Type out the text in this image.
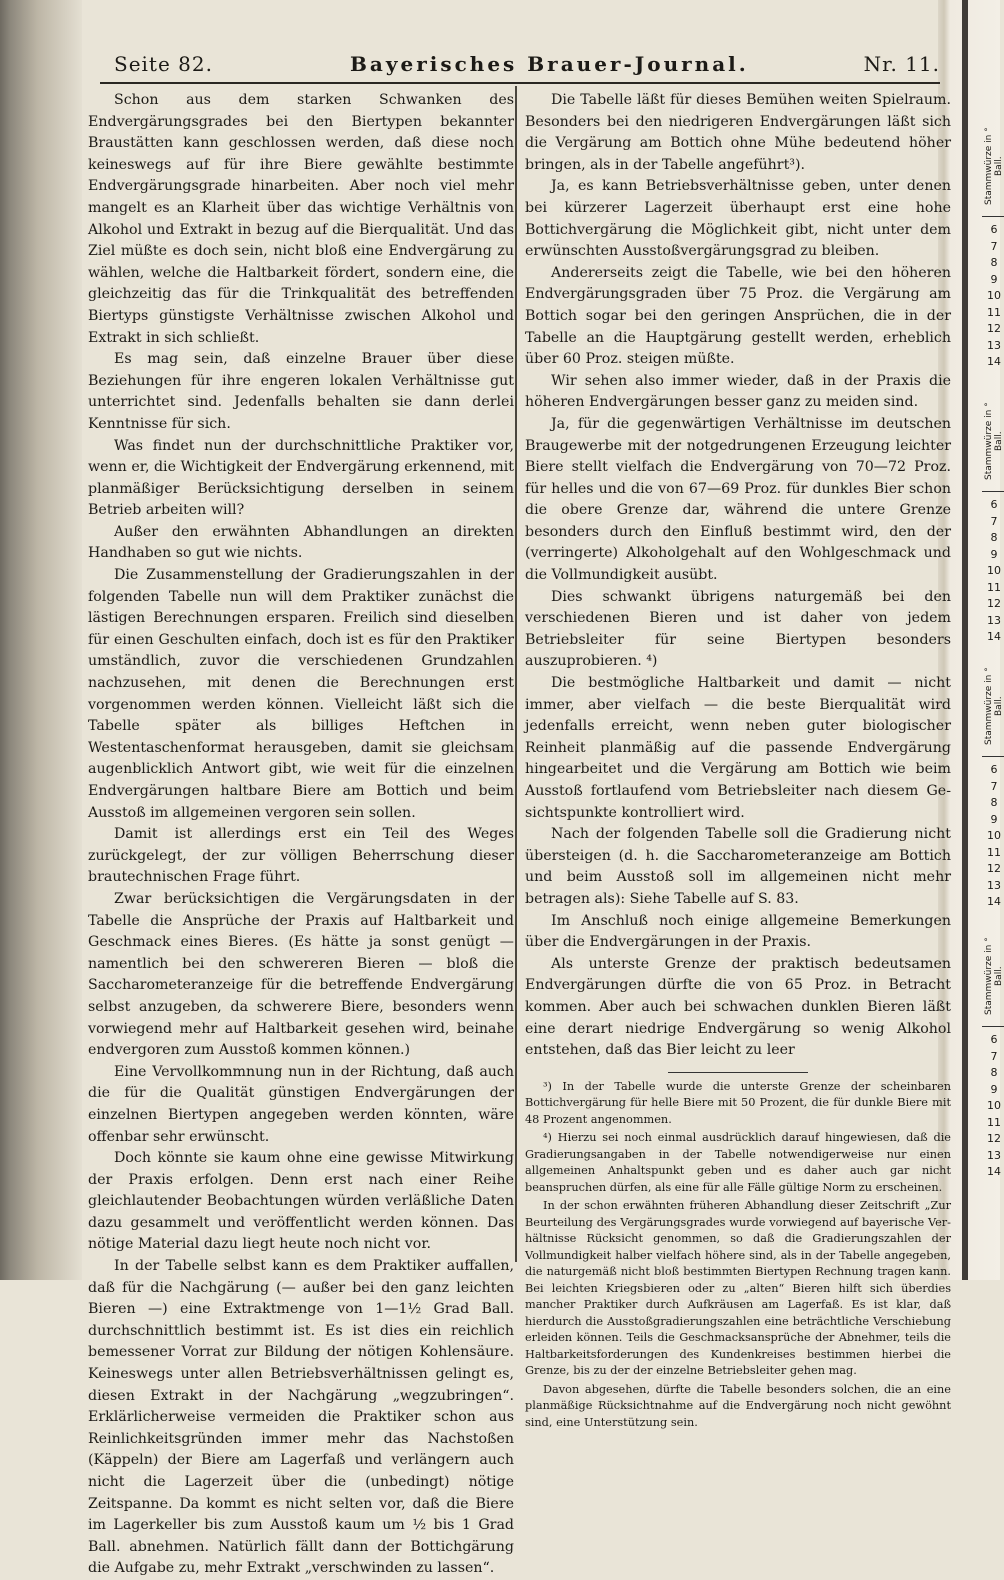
Seite 82.	Bayerisches Brauer-Journal.	Nr. 11.

Schon aus dem starken Schwanken des Endvergärungsgrades bei den Biertypen bekannter Braustätten kann geschlossen werden, daß diese noch keineswegs auf für ihre Biere gewählte bestimmte Endvergärungsgrade hinarbeiten. Aber noch viel mehr mangelt es an Klarheit über das wichtige Verhältnis von Alkohol und Extrakt in bezug auf die Bierqualität. Und das Ziel müßte es doch sein, nicht bloß eine Endvergärung zu wählen, welche die Haltbarkeit fördert, sondern eine, die gleichzeitig das für die Trinkqualität des betreffenden Biertyps günstigste Verhältnisse zwischen Alkohol und Extrakt in sich schließt.

Es mag sein, daß einzelne Brauer über diese Beziehungen für ihre engeren lokalen Verhältnisse gut unterrichtet sind. Jedenfalls behalten sie dann derlei Kenntnisse für sich.

Was findet nun der durchschnittliche Praktiker vor, wenn er, die Wichtigkeit der Endvergärung erkennend, mit planmäßiger Berücksichtigung derselben in seinem Betrieb arbeiten will?

Außer den erwähnten Abhandlungen an direkten Handhaben so gut wie nichts.

Die Zusammenstellung der Gradierungszahlen in der folgenden Tabelle nun will dem Praktiker zunächst die lästigen Berechnungen ersparen. Freilich sind dieselben für einen Geschulten einfach, doch ist es für den Praktiker umständlich, zuvor die verschiedenen Grundzahlen nachzusehen, mit denen die Berechnungen erst vorgenommen werden können. Vielleicht läßt sich die Tabelle später als billiges Heftchen in Westentaschenformat herausgeben, damit sie gleichsam augenblicklich Antwort gibt, wie weit für die einzelnen Endvergärungen haltbare Biere am Bottich und beim Ausstoß im allgemeinen vergoren sein sollen.

Damit ist allerdings erst ein Teil des Weges zurückgelegt, der zur völligen Beherrschung dieser brautechnischen Frage führt.

Zwar berücksichtigen die Vergärungsdaten in der Tabelle die Ansprüche der Praxis auf Haltbarkeit und Geschmack eines Bieres. (Es hätte ja sonst genügt — namentlich bei den schwereren Bieren — bloß die Saccharometeranzeige für die betreffende Endvergärung selbst anzugeben, da schwerere Biere, besonders wenn vorwiegend mehr auf Haltbarkeit gesehen wird, beinahe endvergoren zum Ausstoß kommen können.)

Eine Vervollkommnung nun in der Richtung, daß auch die für die Qualität günstigen Endvergärungen der einzelnen Biertypen angegeben werden könnten, wäre offenbar sehr erwünscht.

Doch könnte sie kaum ohne eine gewisse Mitwirkung der Praxis erfolgen. Denn erst nach einer Reihe gleichlautender Beobachtungen würden verläßliche Daten dazu gesammelt und veröffentlicht werden können. Das nötige Material dazu liegt heute noch nicht vor.

In der Tabelle selbst kann es dem Praktiker auffallen, daß für die Nachgärung (— außer bei den ganz leichten Bieren —) eine Extraktmenge von 1—1½ Grad Ball. durchschnittlich bestimmt ist. Es ist dies ein reichlich bemessener Vorrat zur Bildung der nötigen Kohlensäure. Keineswegs unter allen Betriebsverhältnissen gelingt es, diesen Extrakt in der Nachgärung „wegzubringen“. Erklärlicherweise vermeiden die Praktiker schon aus Reinlichkeitsgründen immer mehr das Nachstoßen (Käppeln) der Biere am Lagerfaß und verlängern auch nicht die Lagerzeit über die (unbedingt) nötige Zeitspanne. Da kommt es nicht selten vor, daß die Biere im Lagerkeller bis zum Ausstoß kaum um ½ bis 1 Grad Ball. abnehmen. Natürlich fällt dann der Bottichgärung die Aufgabe zu, mehr Extrakt „verschwinden zu lassen“.

Die Tabelle läßt für dieses Bemühen weiten Spielraum. Besonders bei den niedrigeren Endvergärungen läßt sich die Vergärung am Bottich ohne Mühe bedeutend höher bringen, als in der Tabelle angeführt³).

Ja, es kann Betriebsverhältnisse geben, unter denen bei kürzerer Lagerzeit überhaupt erst eine hohe Bottichvergärung die Möglichkeit gibt, nicht unter dem erwünschten Ausstoßvergärungsgrad zu bleiben.

Andererseits zeigt die Tabelle, wie bei den höheren Endvergärungsgraden über 75 Proz. die Vergärung am Bottich sogar bei den geringen Ansprüchen, die in der Tabelle an die Hauptgärung gestellt werden, erheblich über 60 Proz. steigen müßte.

Wir sehen also immer wieder, daß in der Praxis die höheren Endvergärungen besser ganz zu meiden sind.

Ja, für die gegenwärtigen Verhältnisse im deutschen Braugewerbe mit der notgedrungenen Erzeugung leichter Biere stellt vielfach die Endvergärung von 70—72 Proz. für helles und die von 67—69 Proz. für dunkles Bier schon die obere Grenze dar, während die untere Grenze besonders durch den Einfluß bestimmt wird, den der (verringerte) Alkoholgehalt auf den Wohlgeschmack und die Vollmundigkeit ausübt.

Dies schwankt übrigens naturgemäß bei den verschiedenen Bieren und ist daher von jedem Betriebsleiter für seine Biertypen besonders auszuprobieren. ⁴)

Die bestmögliche Haltbarkeit und damit — nicht immer, aber vielfach — die beste Bierqualität wird jedenfalls erreicht, wenn neben guter biologischer Reinheit planmäßig auf die passende Endvergärung hingearbeitet und die Vergärung am Bottich wie beim Ausstoß fortlaufend vom Betriebsleiter nach diesem Gesichtspunkte kontrolliert wird.

Nach der folgenden Tabelle soll die Gradierung nicht übersteigen (d. h. die Saccharometeranzeige am Bottich und beim Ausstoß soll im allgemeinen nicht mehr betragen als): Siehe Tabelle auf S. 83.

Im Anschluß noch einige allgemeine Bemerkungen über die Endvergärungen in der Praxis.

Als unterste Grenze der praktisch bedeutsamen Endvergärungen dürfte die von 65 Proz. in Betracht kommen. Aber auch bei schwachen dunklen Bieren läßt eine derart niedrige Endvergärung so wenig Alkohol entstehen, daß das Bier leicht zu leer

³) In der Tabelle wurde die unterste Grenze der scheinbaren Bottichvergärung für helle Biere mit 50 Prozent, die für dunkle Biere mit 48 Prozent angenommen.

⁴) Hierzu sei noch einmal ausdrücklich darauf hingewiesen, daß die Gradierungsangaben in der Tabelle notwendigerweise nur einen allgemeinen Anhaltspunkt geben und es daher auch gar nicht beanspruchen dürfen, als eine für alle Fälle gültige Norm zu erscheinen.

In der schon erwähnten früheren Abhandlung dieser Zeitschrift „Zur Beurteilung des Vergärungsgrades wurde vorwiegend auf bayerische Verhältnisse Rücksicht genommen, so daß die Gradierungszahlen der Vollmundigkeit halber vielfach höhere sind, als in der Tabelle angegeben, die naturgemäß nicht bloß bestimmten Biertypen Rechnung tragen kann. Bei leichten Kriegsbieren oder zu „alten“ Bieren hilft sich überdies mancher Praktiker durch Aufkräusen am Lagerfaß. Es ist klar, daß hierdurch die Ausstoßgradierungszahlen eine beträchtliche Verschiebung erleiden können. Teils die Geschmacksansprüche der Abnehmer, teils die Haltbarkeitsforderungen des Kundenkreises bestimmen hierbei die Grenze, bis zu der der einzelne Betriebsleiter gehen mag.

Davon abgesehen, dürfte die Tabelle besonders solchen, die an eine planmäßige Rücksichtnahme auf die Endvergärung noch nicht gewöhnt sind, eine Unterstützung sein.

Stammwürze in ° Ball.
6
7
8
9
10
11
12
13
14
Stammwürze in ° Ball.
6
7
8
9
10
11
12
13
14
Stammwürze in ° Ball.
6
7
8
9
10
11
12
13
14
Stammwürze in ° Ball.
6
7
8
9
10
11
12
13
14
